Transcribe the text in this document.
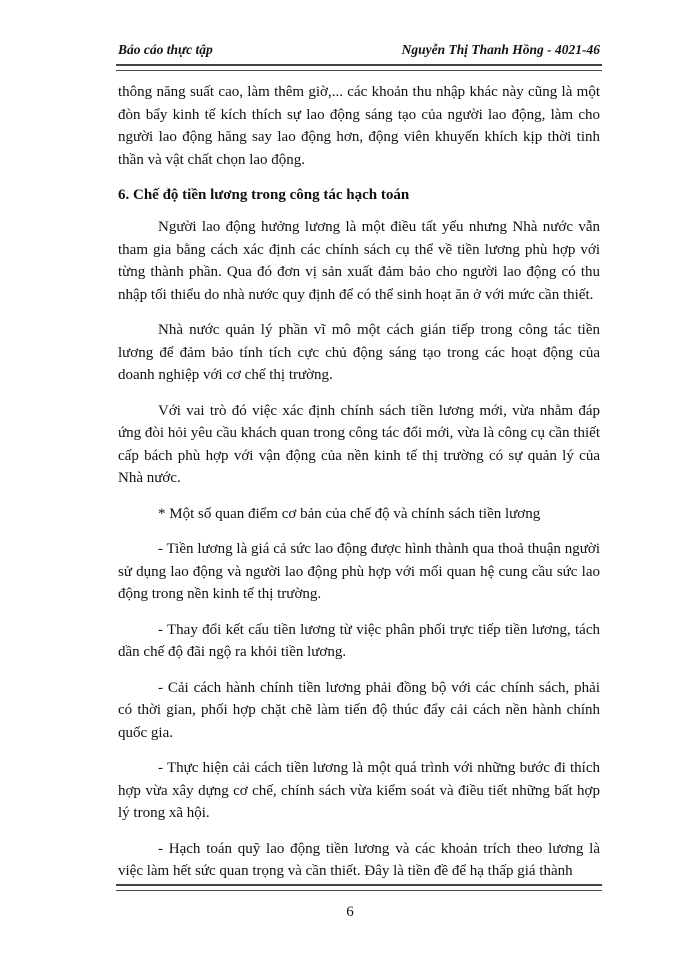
Báo cáo thực tập	Nguyễn Thị Thanh Hồng - 4021-46

thông năng suất cao, làm thêm giờ,... các khoản thu nhập khác này cũng là một đòn bẩy kinh tế kích thích sự lao động sáng tạo của người lao động, làm cho người lao động hăng say lao động hơn, động viên khuyến khích kịp thời tinh thần và vật chất chọn lao động.

6. Chế độ tiền lương trong công tác hạch toán

Người lao động hưởng lương là một điều tất yếu nhưng Nhà nước vẫn tham gia bằng cách xác định các chính sách cụ thể về tiền lương phù hợp với từng thành phần. Qua đó đơn vị sản xuất đảm bảo cho người lao động có thu nhập tối thiểu do nhà nước quy định để có thể sinh hoạt ăn ở với mức cần thiết.

Nhà nước quản lý phần vĩ mô một cách gián tiếp trong công tác tiền lương để đảm bảo tính tích cực chủ động sáng tạo trong các hoạt động của doanh nghiệp với cơ chế thị trường.

Với vai trò đó việc xác định chính sách tiền lương mới, vừa nhằm đáp ứng đòi hỏi yêu cầu khách quan trong công tác đổi mới, vừa là công cụ cần thiết cấp bách phù hợp với vận động của nền kinh tế thị trường có sự quản lý của Nhà nước.

* Một số quan điểm cơ bản của chế độ và chính sách tiền lương

- Tiền lương là giá cả sức lao động được hình thành qua thoả thuận người sử dụng lao động và người lao động phù hợp với mối quan hệ cung cầu sức lao động trong nền kinh tế thị trường.

- Thay đổi kết cấu tiền lương từ việc phân phối trực tiếp tiền lương, tách dần chế độ đãi ngộ ra khỏi tiền lương.

- Cải cách hành chính tiền lương phải đồng bộ với các chính sách, phải có thời gian, phối hợp chặt chẽ làm tiến độ thúc đẩy cải cách nền hành chính quốc gia.

- Thực hiện cải cách tiền lương là một quá trình với những bước đi thích hợp vừa xây dựng cơ chế, chính sách vừa kiểm soát và điều tiết những bất hợp lý trong xã hội.

- Hạch toán quỹ lao động tiền lương và các khoản trích theo lương là việc làm hết sức quan trọng và cần thiết. Đây là tiền đề để hạ thấp giá thành

6
